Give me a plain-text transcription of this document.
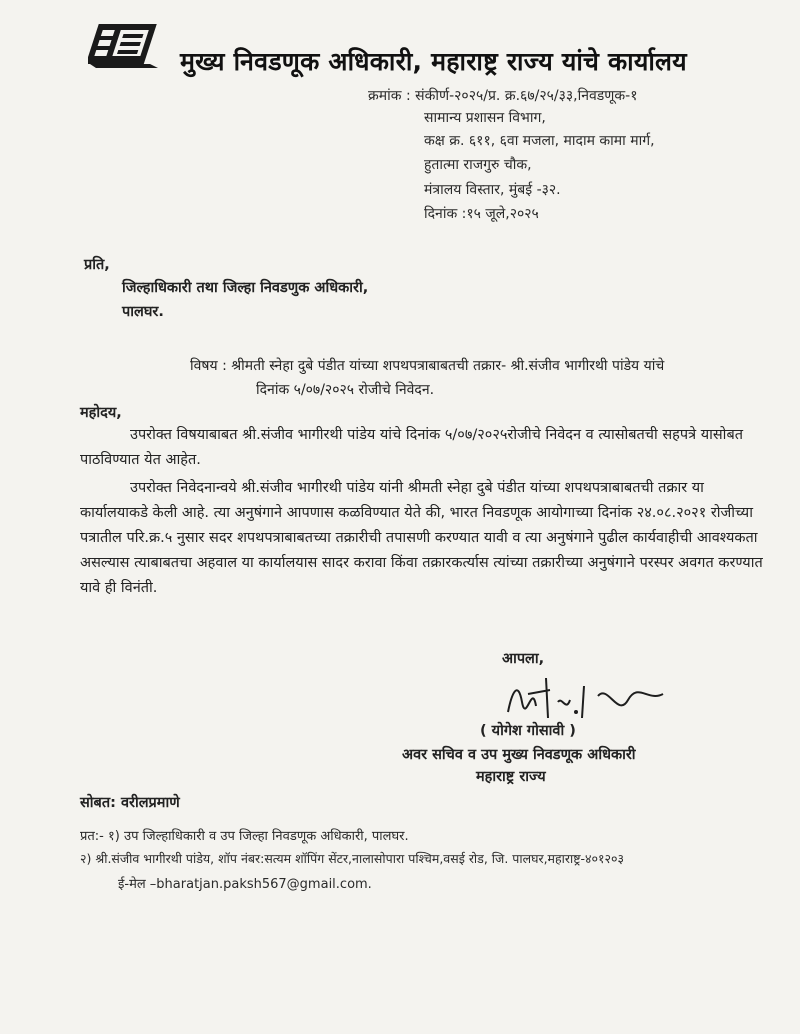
मुख्य निवडणूक अधिकारी, महाराष्ट्र राज्य यांचे कार्यालय
क्रमांक : संकीर्ण-२०२५/प्र. क्र.६७/२५/३३,निवडणूक-१
सामान्य प्रशासन विभाग,
कक्ष क्र. ६११, ६वा मजला, मादाम कामा मार्ग,
हुतात्मा राजगुरु चौक,
मंत्रालय विस्तार, मुंबई -३२.
दिनांक :१५ जूले,२०२५
प्रति,
जिल्हाधिकारी तथा जिल्हा निवडणुक अधिकारी,
पालघर.
विषय : श्रीमती स्नेहा दुबे पंडीत यांच्या शपथपत्राबाबतची तक्रार- श्री.संजीव भागीरथी पांडेय यांचे
दिनांक ५/०७/२०२५ रोजीचे निवेदन.
महोदय,
उपरोक्त विषयाबाबत श्री.संजीव भागीरथी पांडेय यांचे दिनांक ५/०७/२०२५रोजीचे निवेदन व त्यासोबतची सहपत्रे यासोबत पाठविण्यात येत आहेत.
उपरोक्त निवेदनान्वये श्री.संजीव भागीरथी पांडेय यांनी श्रीमती स्नेहा दुबे पंडीत यांच्या शपथपत्राबाबतची तक्रार या कार्यालयाकडे केली आहे. त्या अनुषंगाने आपणास कळविण्यात येते की, भारत निवडणूक आयोगाच्या दिनांक २४.०८.२०२१ रोजीच्या पत्रातील परि.क्र.५ नुसार सदर शपथपत्राबाबतच्या तक्रारीची तपासणी करण्यात यावी व त्या अनुषंगाने पुढील कार्यवाहीची आवश्यकता असल्यास त्याबाबतचा अहवाल या कार्यालयास सादर करावा किंवा तक्रारकर्त्यास त्यांच्या तक्रारीच्या अनुषंगाने परस्पर अवगत करण्यात यावे ही विनंती.
आपला,
( योगेश गोसावी )
अवर सचिव व उप मुख्य निवडणूक अधिकारी
महाराष्ट्र राज्य
सोबत: वरीलप्रमाणे
प्रत:- १) उप जिल्हाधिकारी व उप जिल्हा निवडणूक अधिकारी, पालघर.
२) श्री.संजीव भागीरथी पांडेय, शॉप नंबर:सत्यम शॉपिंग सेंटर,नालासोपारा पश्चिम,वसई रोड, जि. पालघर,महाराष्ट्र-४०१२०३
ई-मेल –bharatjan.paksh567@gmail.com.
